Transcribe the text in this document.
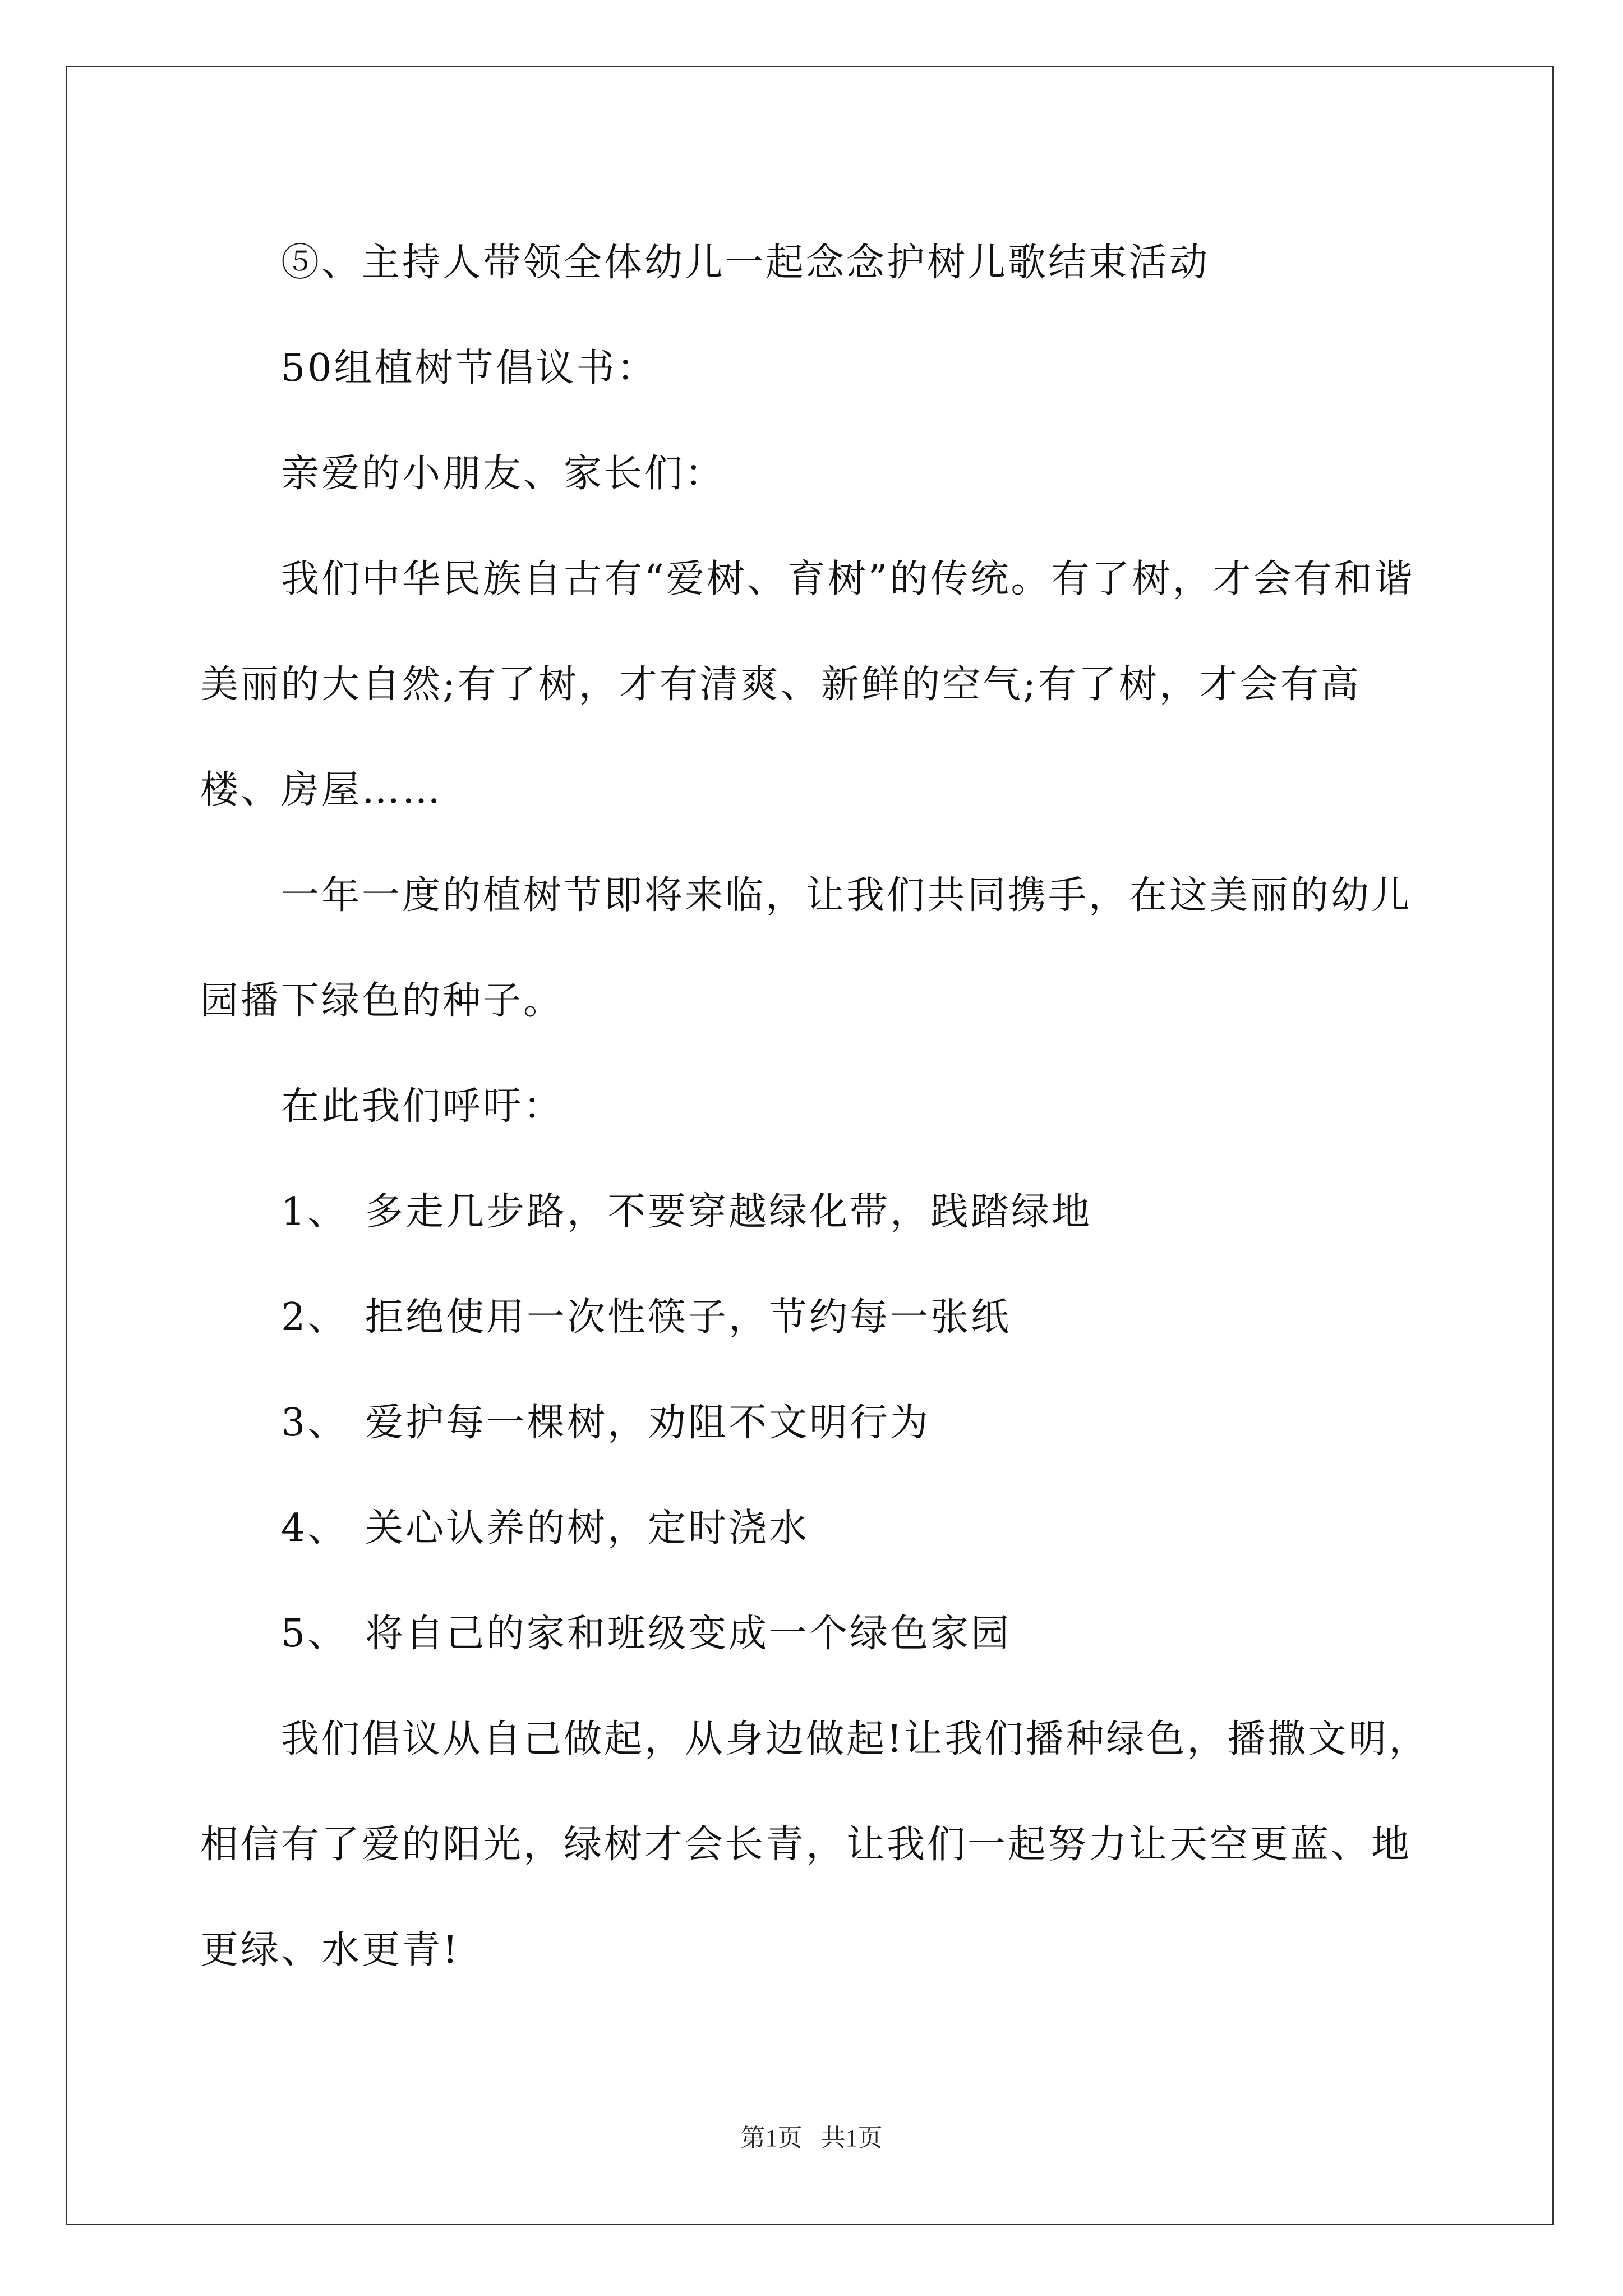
⑤、主持人带领全体幼儿一起念念护树儿歌结束活动

50组植树节倡议书：

亲爱的小朋友、家长们：

我们中华民族自古有“爱树、育树”的传统。有了树，才会有和谐美丽的大自然;有了树，才有清爽、新鲜的空气;有了树，才会有高楼、房屋……

一年一度的植树节即将来临，让我们共同携手，在这美丽的幼儿园播下绿色的种子。

在此我们呼吁：

1、 多走几步路，不要穿越绿化带，践踏绿地
2、 拒绝使用一次性筷子，节约每一张纸
3、 爱护每一棵树，劝阻不文明行为
4、 关心认养的树，定时浇水
5、 将自己的家和班级变成一个绿色家园

我们倡议从自己做起，从身边做起!让我们播种绿色，播撒文明，相信有了爱的阳光，绿树才会长青，让我们一起努力让天空更蓝、地更绿、水更青!

第1页   共1页
